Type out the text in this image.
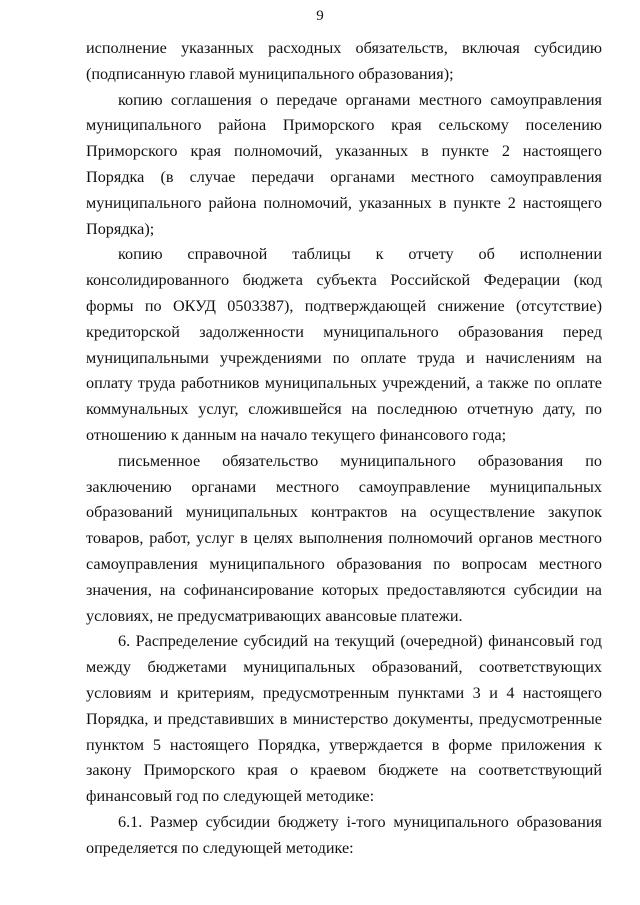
9

исполнение указанных расходных обязательств, включая субсидию (подписанную главой муниципального образования);

копию соглашения о передаче органами местного самоуправления муниципального района Приморского края сельскому поселению Приморского края полномочий, указанных в пункте 2 настоящего Порядка (в случае передачи органами местного самоуправления муниципального района полномочий, указанных в пункте 2 настоящего Порядка);

копию справочной таблицы к отчету об исполнении консолидированного бюджета субъекта Российской Федерации (код формы по ОКУД 0503387), подтверждающей снижение (отсутствие) кредиторской задолженности муниципального образования перед муниципальными учреждениями по оплате труда и начислениям на оплату труда работников муниципальных учреждений, а также по оплате коммунальных услуг, сложившейся на последнюю отчетную дату, по отношению к данным на начало текущего финансового года;

письменное обязательство муниципального образования по заключению органами местного самоуправление муниципальных образований муниципальных контрактов на осуществление закупок товаров, работ, услуг в целях выполнения полномочий органов местного самоуправления муниципального образования по вопросам местного значения, на софинансирование которых предоставляются субсидии на условиях, не предусматривающих авансовые платежи.

6. Распределение субсидий на текущий (очередной) финансовый год между бюджетами муниципальных образований, соответствующих условиям и критериям, предусмотренным пунктами 3 и 4 настоящего Порядка, и представивших в министерство документы, предусмотренные пунктом 5 настоящего Порядка, утверждается в форме приложения к закону Приморского края о краевом бюджете на соответствующий финансовый год по следующей методике:

6.1. Размер субсидии бюджету i-того муниципального образования определяется по следующей методике:
